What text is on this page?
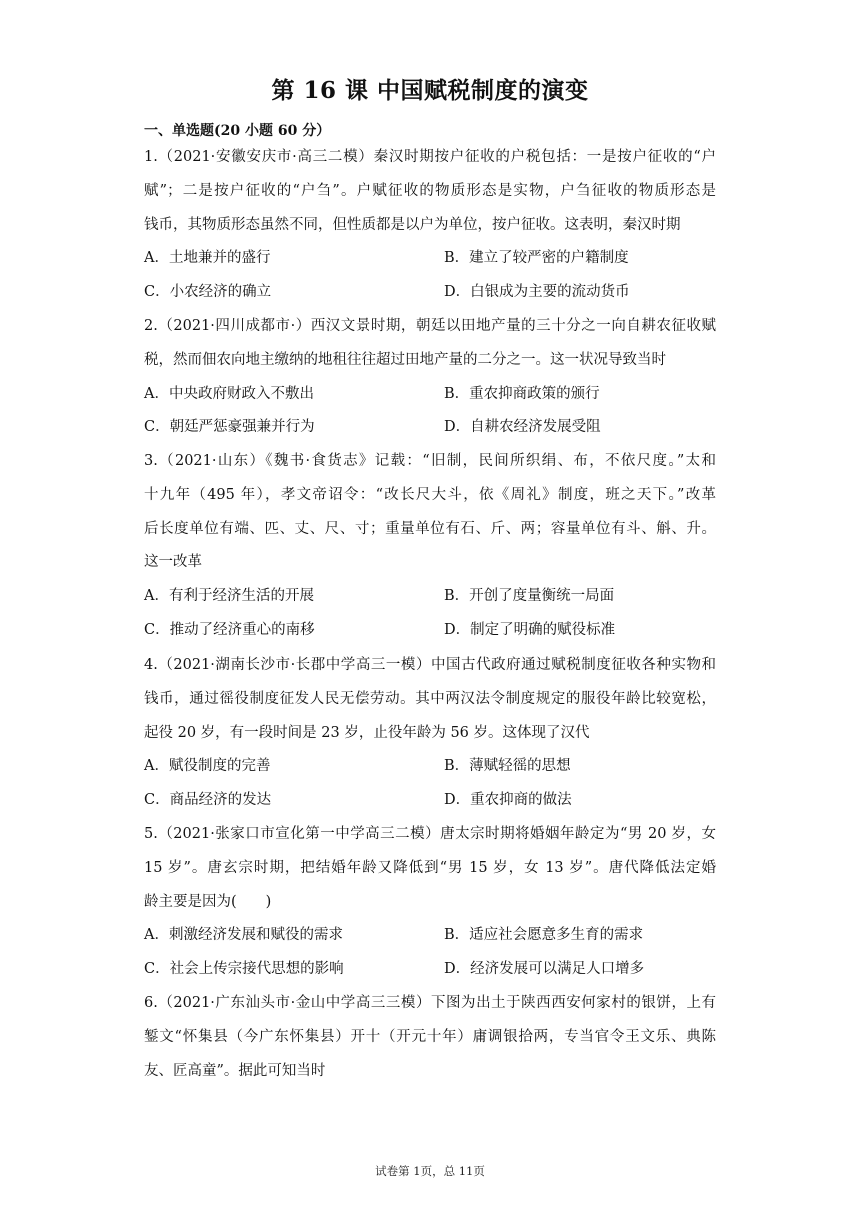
第 16 课 中国赋税制度的演变
一、单选题(20 小题 60 分）
1.（2021·安徽安庆市·高三二模）秦汉时期按户征收的户税包括：一是按户征收的“户
赋”；二是按户征收的“户刍”。户赋征收的物质形态是实物，户刍征收的物质形态是
钱币，其物质形态虽然不同，但性质都是以户为单位，按户征收。这表明，秦汉时期
A．土地兼并的盛行	B．建立了较严密的户籍制度
C．小农经济的确立	D．白银成为主要的流动货币
2.（2021·四川成都市·）西汉文景时期，朝廷以田地产量的三十分之一向自耕农征收赋
税，然而佃农向地主缴纳的地租往往超过田地产量的二分之一。这一状况导致当时
A．中央政府财政入不敷出	B．重农抑商政策的颁行
C．朝廷严惩豪强兼并行为	D．自耕农经济发展受阻
3.（2021·山东）《魏书·食货志》记载：“旧制，民间所织绢、布，不依尺度。”太和
十九年（495 年），孝文帝诏令：“改长尺大斗，依《周礼》制度，班之天下。”改革
后长度单位有端、匹、丈、尺、寸；重量单位有石、斤、两；容量单位有斗、斛、升。
这一改革
A．有利于经济生活的开展	B．开创了度量衡统一局面
C．推动了经济重心的南移	D．制定了明确的赋役标准
4.（2021·湖南长沙市·长郡中学高三一模）中国古代政府通过赋税制度征收各种实物和
钱币，通过徭役制度征发人民无偿劳动。其中两汉法令制度规定的服役年龄比较宽松，
起役 20 岁，有一段时间是 23 岁，止役年龄为 56 岁。这体现了汉代
A．赋役制度的完善	B．薄赋轻徭的思想
C．商品经济的发达	D．重农抑商的做法
5.（2021·张家口市宣化第一中学高三二模）唐太宗时期将婚姻年龄定为“男 20 岁，女
15 岁”。唐玄宗时期，把结婚年龄又降低到“男 15 岁，女 13 岁”。唐代降低法定婚
龄主要是因为(　　)
A．刺激经济发展和赋役的需求	B．适应社会愿意多生育的需求
C．社会上传宗接代思想的影响	D．经济发展可以满足人口增多
6.（2021·广东汕头市·金山中学高三三模）下图为出土于陕西西安何家村的银饼，上有
錾文“怀集县（今广东怀集县）开十（开元十年）庸调银拾两，专当官令王文乐、典陈
友、匠高童”。据此可知当时
试卷第 1页，总 11页
